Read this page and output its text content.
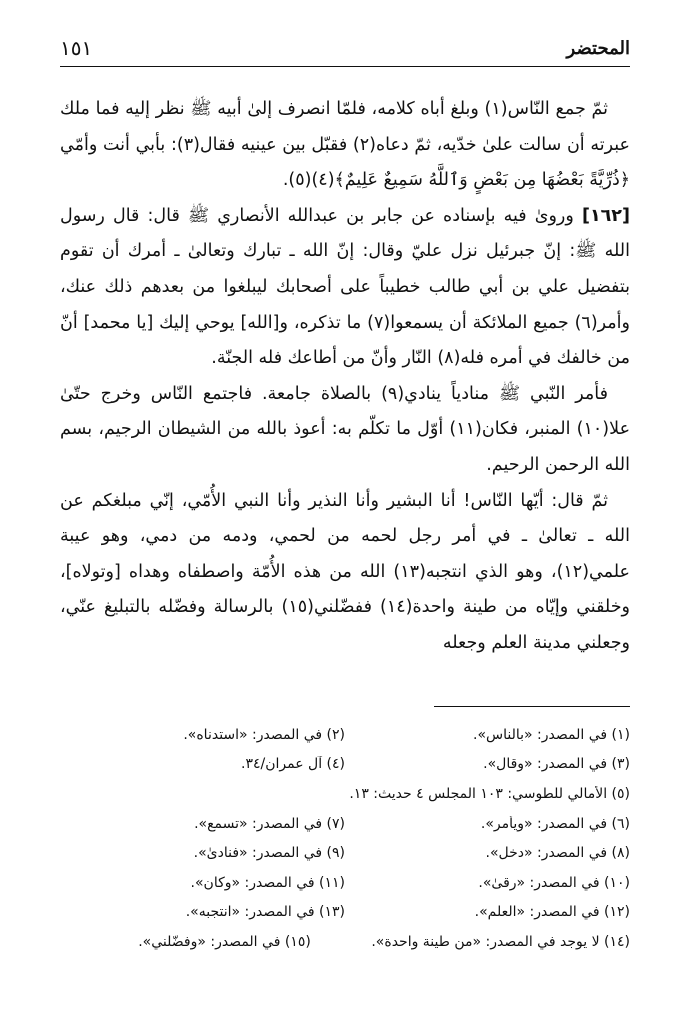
المحتضر
١٥١

ثمّ جمع النّاس(١) وبلغ أباه كلامه، فلمّا انصرف إلىٰ أبيه ﷺ نظر إليه فما ملك عبرته أن سالت علىٰ خدّيه، ثمّ دعاه(٢) فقبّل بين عينيه فقال(٣): بأبي أنت وأمّي ﴿ذُرِّيَّةً بَعْضُهَا مِن بَعْضٍ وَٱللَّهُ سَمِيعٌ عَلِيمٌ﴾(٤)(٥).

[١٦٢] وروىٰ فيه بإسناده عن جابر بن عبدالله الأنصاري ﷺ قال: قال رسول الله ﷺ: إنّ جبرئيل نزل عليّ وقال: إنّ الله ـ تبارك وتعالىٰ ـ أمرك أن تقوم بتفضيل علي بن أبي طالب خطيباً على أصحابك ليبلغوا من بعدهم ذلك عنك، وأمر(٦) جميع الملائكة أن يسمعوا(٧) ما تذكره، و[الله] يوحي إليك [يا محمد] أنّ من خالفك في أمره فله(٨) النّار وأنّ من أطاعك فله الجنّة.

فأمر النّبي ﷺ منادياً ينادي(٩) بالصلاة جامعة. فاجتمع النّاس وخرج حتّىٰ علا(١٠) المنبر، فكان(١١) أوّل ما تكلّم به: أعوذ بالله من الشيطان الرجيم، بسم الله الرحمن الرحيم.

ثمّ قال: أيّها النّاس! أنا البشير وأنا النذير وأنا النبي الأُمّي، إنّي مبلغكم عن الله ـ تعالىٰ ـ في أمر رجل لحمه من لحمي، ودمه من دمي، وهو عيبة علمي(١٢)، وهو الذي انتجبه(١٣) الله من هذه الأُمّة واصطفاه وهداه [وتولاه]، وخلقني وإيّاه من طينة واحدة(١٤) ففضّلني(١٥) بالرسالة وفضّله بالتبليغ عنّي، وجعلني مدينة العلم وجعله

(١) في المصدر: «بالناس».
(٢) في المصدر: «استدناه».
(٣) في المصدر: «وقال».
(٤) آل عمران/٣٤.
(٥) الأمالي للطوسي: ١٠٣ المجلس ٤ حديث: ١٣.
(٦) في المصدر: «ويأمر».
(٧) في المصدر: «تسمع».
(٨) في المصدر: «دخل».
(٩) في المصدر: «فنادىٰ».
(١٠) في المصدر: «رقىٰ».
(١١) في المصدر: «وكان».
(١٢) في المصدر: «العلم».
(١٣) في المصدر: «انتجبه».
(١٤) لا يوجد في المصدر: «من طينة واحدة».
(١٥) في المصدر: «وفضّلني».
